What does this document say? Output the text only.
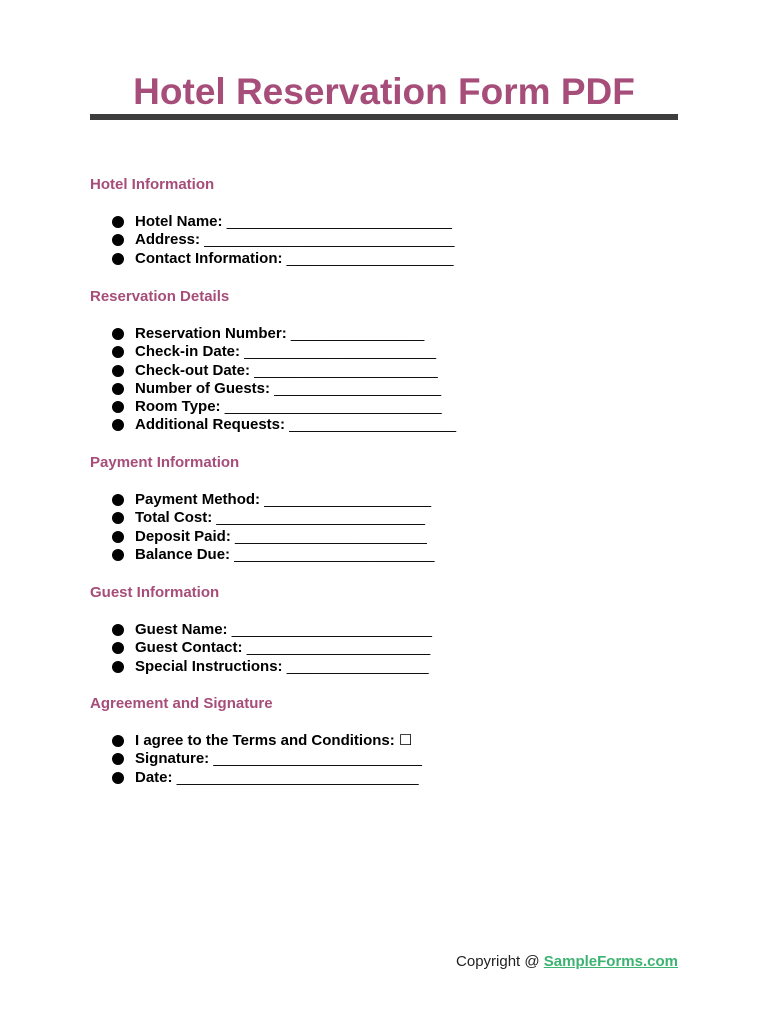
Hotel Reservation Form PDF
Hotel Information
Hotel Name: ___________________________
Address: ______________________________
Contact Information: ____________________
Reservation Details
Reservation Number: ________________
Check-in Date: _______________________
Check-out Date: ______________________
Number of Guests: ____________________
Room Type: __________________________
Additional Requests: ____________________
Payment Information
Payment Method: ____________________
Total Cost: _________________________
Deposit Paid: _______________________
Balance Due: ________________________
Guest Information
Guest Name: ________________________
Guest Contact: ______________________
Special Instructions: _________________
Agreement and Signature
I agree to the Terms and Conditions: ☐
Signature: _________________________
Date: _____________________________
Copyright @ SampleForms.com
